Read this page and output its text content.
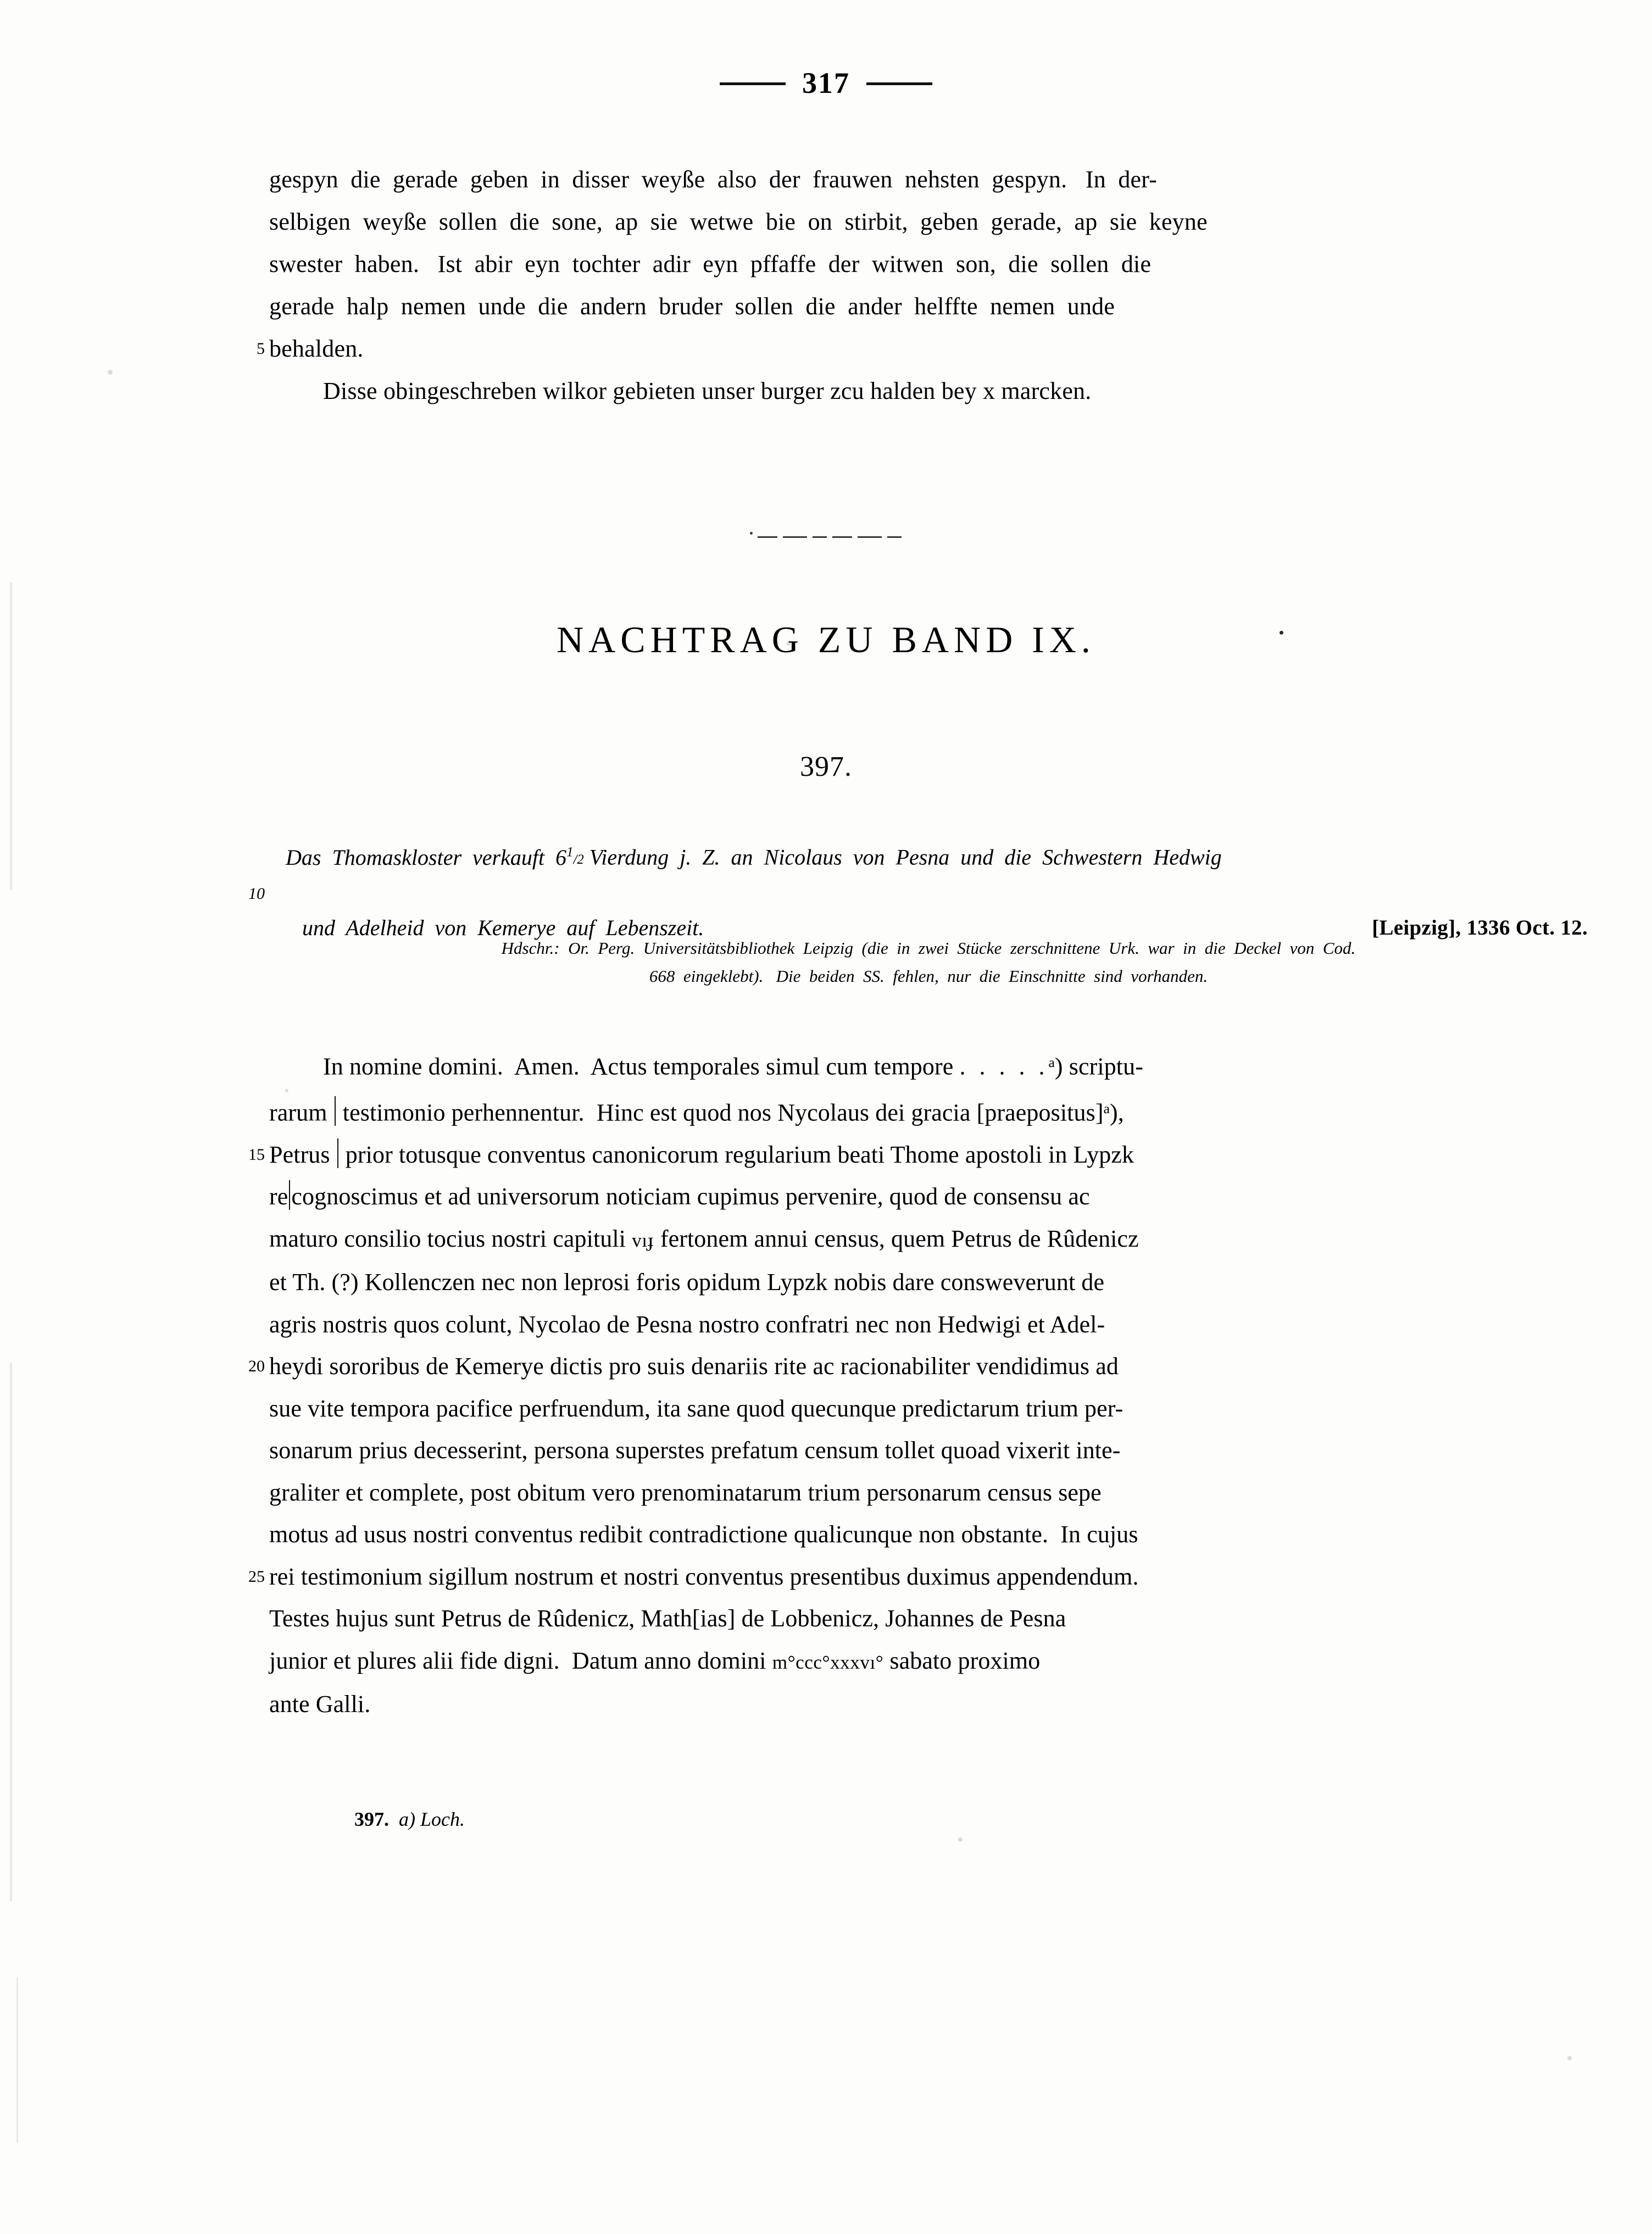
317
gespyn  die  gerade  geben  in  disser  weyße  also  der  frauwen  nehsten  gespyn.   In  der-
selbigen  weyße  sollen  die  sone,  ap  sie  wetwe  bie  on  stirbit,  geben  gerade,  ap  sie  keyne
swester  haben.   Ist  abir  eyn  tochter  adir  eyn  pffaffe  der  witwen  son,  die  sollen  die
gerade  halp  nemen  unde  die  andern  bruder  sollen  die  ander  helffte  nemen  unde
5 behalden.
Disse obingeschreben wilkor gebieten unser burger zcu halden bey x marcken.
NACHTRAG ZU BAND IX.
397.
Das  Thomaskloster  verkauft  $6^1/2$ Vierdung  j.  Z.  an  Nicolaus  von  Pesna  und  die  Schwestern  Hedwig

10
[Leipzig], 1336 Oct. 12.
und  Adelheid  von  Kemerye  auf  Lebenszeit.

Hdschr.:  Or.  Perg.  Universitätsbibliothek  Leipzig  (die  in  zwei  Stücke  zerschnittene  Urk.  war  in  die  Deckel  von  Cod.
668  eingeklebt).   Die  beiden  SS.  fehlen,  nur  die  Einschnitte  sind  vorhanden.
In nomine domini.  Amen.  Actus temporales simul cum tempore . . . . .$^a$) scriptu-
rarum  testimonio perhennentur.  Hinc est quod nos Nycolaus dei gracia [praepositus]$^a$),
15 Petrus  prior totusque conventus canonicorum regularium beati Thome apostoli in Lypzk
re cognoscimus et ad universorum noticiam cupimus pervenire, quod de consensu ac
maturo consilio tocius nostri capituli vıɟ fertonem annui census, quem Petrus de Rûdenicz
et Th. (?) Kollenczen nec non leprosi foris opidum Lypzk nobis dare consweverunt de
agris nostris quos colunt, Nycolao de Pesna nostro confratri nec non Hedwigi et Adel-
20 heydi sororibus de Kemerye dictis pro suis denariis rite ac racionabiliter vendidimus ad
sue vite tempora pacifice perfruendum, ita sane quod quecunque predictarum trium per-
sonarum prius decesserint, persona superstes prefatum censum tollet quoad vixerit inte-
graliter et complete, post obitum vero prenominatarum trium personarum census sepe
motus ad usus nostri conventus redibit contradictione qualicunque non obstante.  In cujus
25 rei testimonium sigillum nostrum et nostri conventus presentibus duximus appendendum.
Testes hujus sunt Petrus de Rûdenicz, Math[ias] de Lobbenicz, Johannes de Pesna
junior et plures alii fide digni.  Datum anno domini m°ccc°xxxvı° sabato proximo
ante Galli.
397. a) Loch.
